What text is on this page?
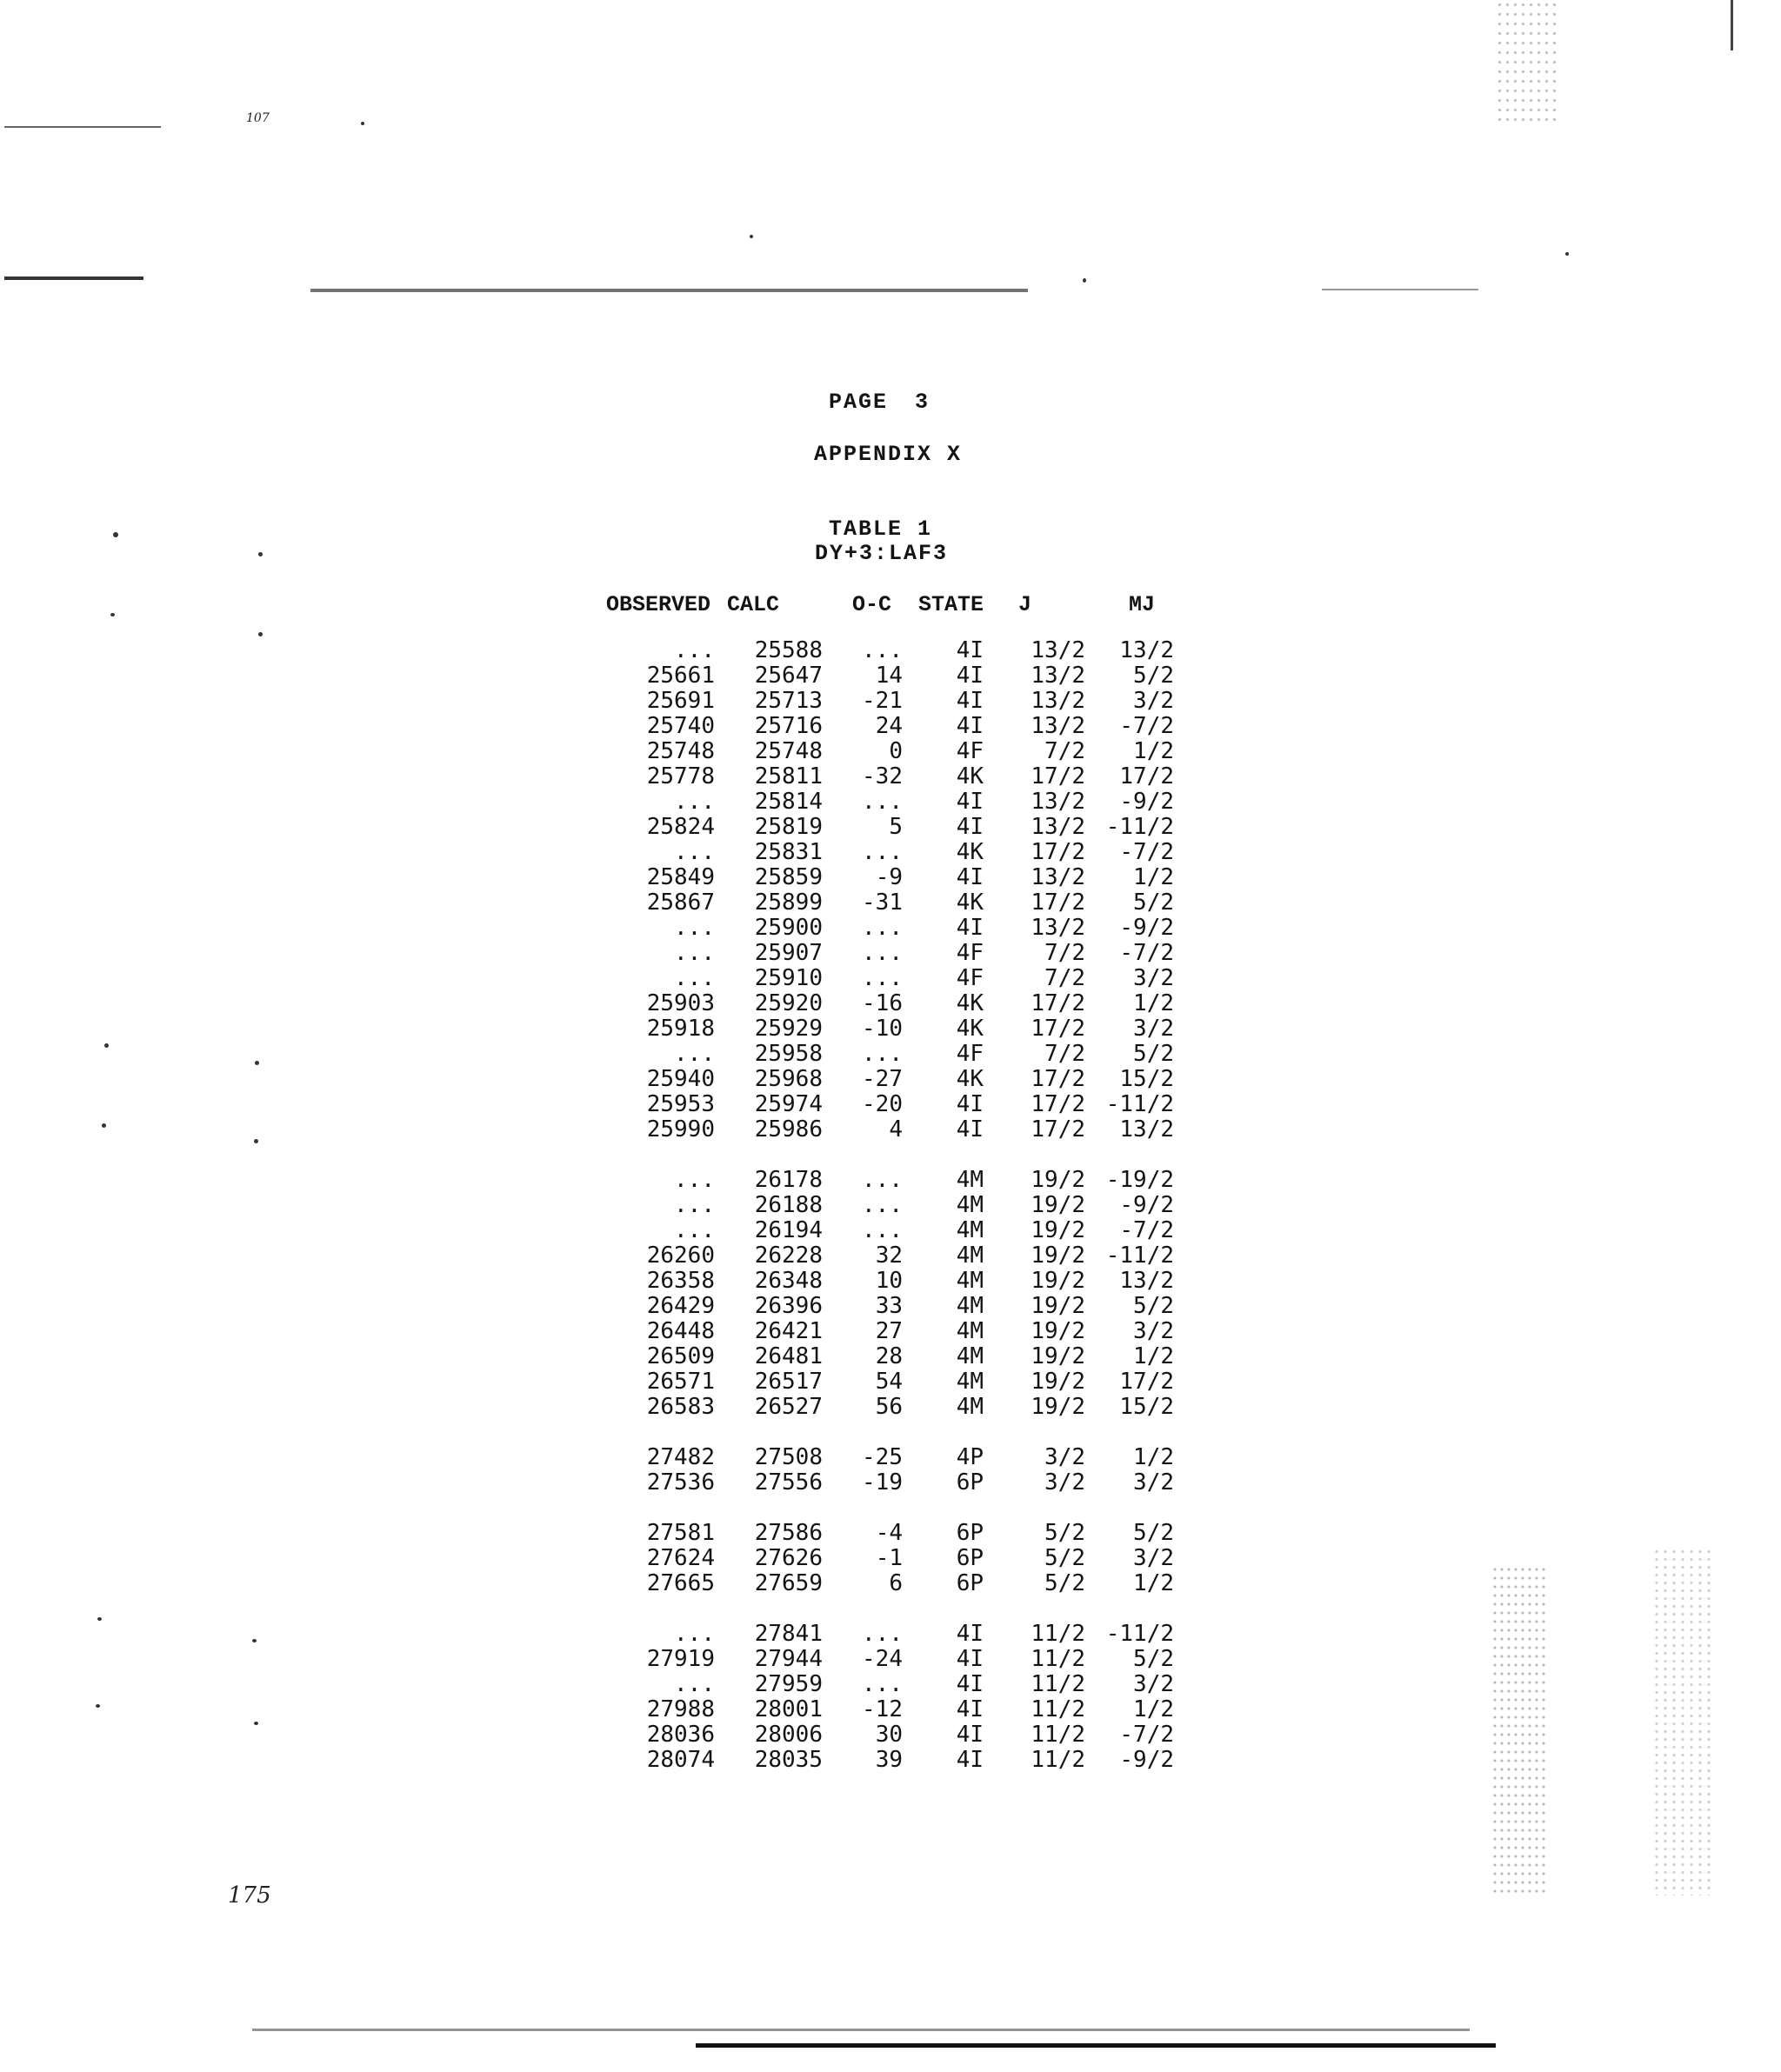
107
PAGE 3
APPENDIX X
TABLE 1
DY+3:LAF3
OBSERVED	CALC	O-C	STATE	J	MJ

...	25588	...	4I	13/2	13/2
25661	25647	14	4I	13/2	5/2
25691	25713	-21	4I	13/2	3/2
25740	25716	24	4I	13/2	-7/2
25748	25748	0	4F	7/2	1/2
25778	25811	-32	4K	17/2	17/2
...	25814	...	4I	13/2	-9/2
25824	25819	5	4I	13/2	-11/2
...	25831	...	4K	17/2	-7/2
25849	25859	-9	4I	13/2	1/2
25867	25899	-31	4K	17/2	5/2
...	25900	...	4I	13/2	-9/2
...	25907	...	4F	7/2	-7/2
...	25910	...	4F	7/2	3/2
25903	25920	-16	4K	17/2	1/2
25918	25929	-10	4K	17/2	3/2
...	25958	...	4F	7/2	5/2
25940	25968	-27	4K	17/2	15/2
25953	25974	-20	4I	17/2	-11/2
25990	25986	4	4I	17/2	13/2

...	26178	...	4M	19/2	-19/2
...	26188	...	4M	19/2	-9/2
...	26194	...	4M	19/2	-7/2
26260	26228	32	4M	19/2	-11/2
26358	26348	10	4M	19/2	13/2
26429	26396	33	4M	19/2	5/2
26448	26421	27	4M	19/2	3/2
26509	26481	28	4M	19/2	1/2
26571	26517	54	4M	19/2	17/2
26583	26527	56	4M	19/2	15/2

27482	27508	-25	4P	3/2	1/2
27536	27556	-19	6P	3/2	3/2

27581	27586	-4	6P	5/2	5/2
27624	27626	-1	6P	5/2	3/2
27665	27659	6	6P	5/2	1/2

...	27841	...	4I	11/2	-11/2
27919	27944	-24	4I	11/2	5/2
...	27959	...	4I	11/2	3/2
27988	28001	-12	4I	11/2	1/2
28036	28006	30	4I	11/2	-7/2
28074	28035	39	4I	11/2	-9/2
175
